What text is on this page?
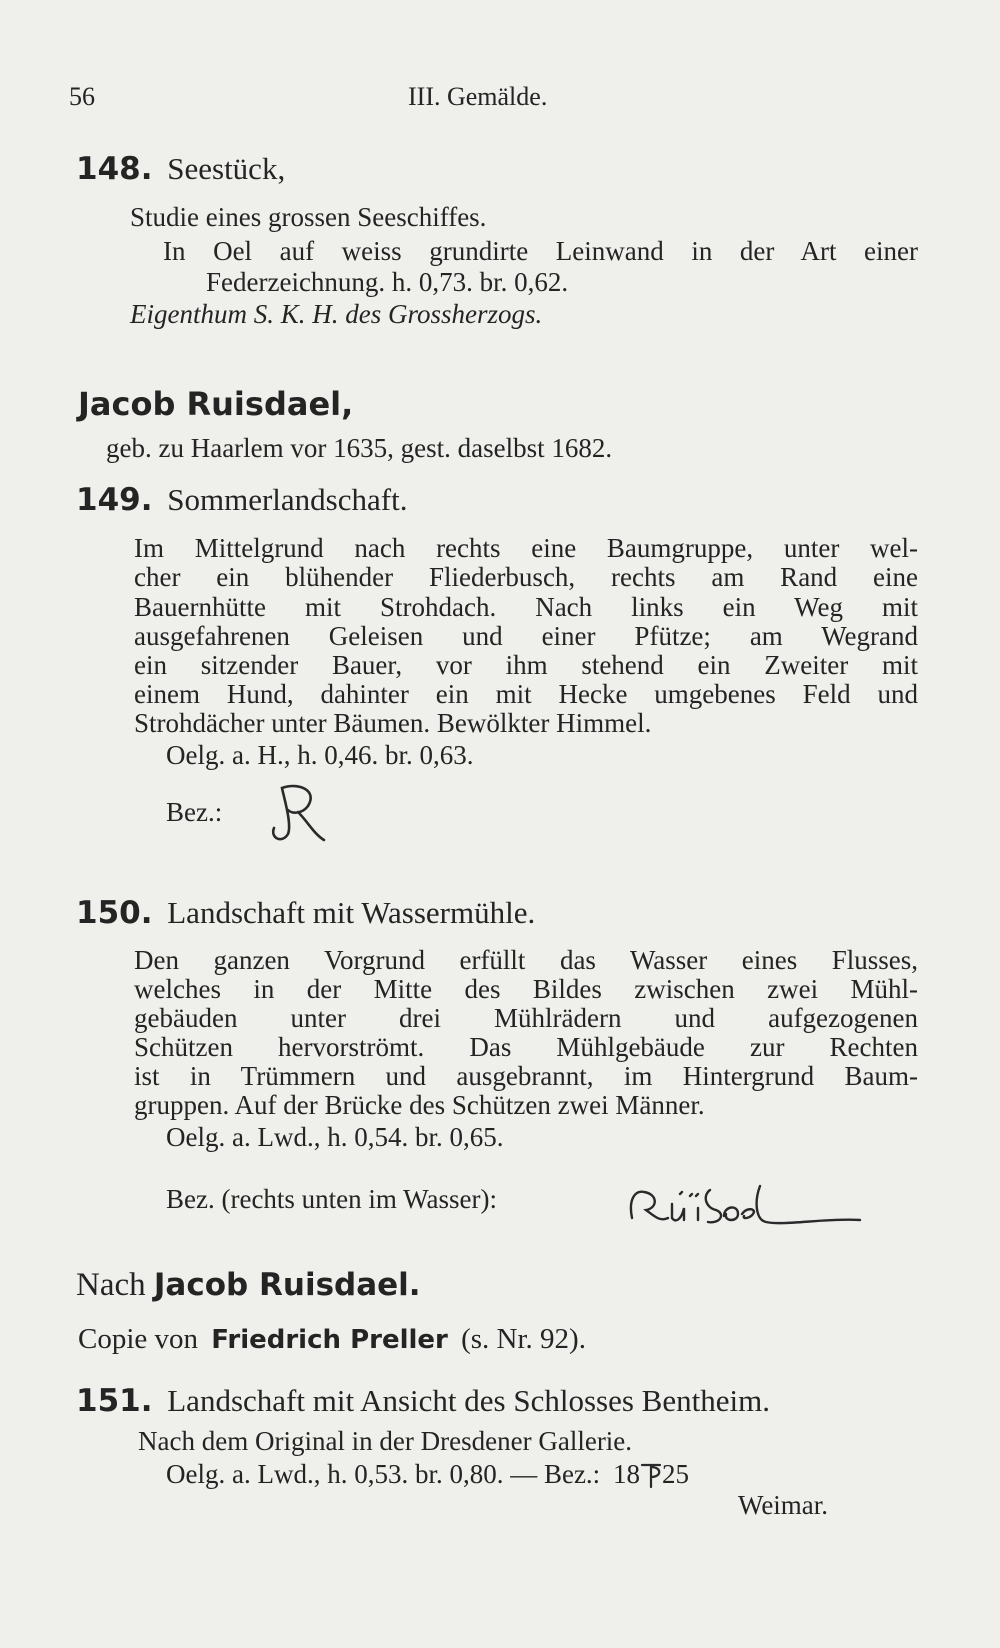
56	III. Gemälde.
148. Seestück,
Studie eines grossen Seeschiffes.
In Oel auf weiss grundirte Leinwand in der Art einer
Federzeichnung. h. 0,73. br. 0,62.
Eigenthum S. K. H. des Grossherzogs.
Jacob Ruisdael,
geb. zu Haarlem vor 1635, gest. daselbst 1682.
149. Sommerlandschaft.
Im Mittelgrund nach rechts eine Baumgruppe, unter wel-
cher ein blühender Fliederbusch, rechts am Rand eine
Bauernhütte mit Strohdach. Nach links ein Weg mit
ausgefahrenen Geleisen und einer Pfütze; am Wegrand
ein sitzender Bauer, vor ihm stehend ein Zweiter mit
einem Hund, dahinter ein mit Hecke umgebenes Feld und
Strohdächer unter Bäumen. Bewölkter Himmel.
Oelg. a. H., h. 0,46. br. 0,63.
Bez.:
150. Landschaft mit Wassermühle.
Den ganzen Vorgrund erfüllt das Wasser eines Flusses,
welches in der Mitte des Bildes zwischen zwei Mühl-
gebäuden unter drei Mühlrädern und aufgezogenen
Schützen hervorströmt. Das Mühlgebäude zur Rechten
ist in Trümmern und ausgebrannt, im Hintergrund Baum-
gruppen. Auf der Brücke des Schützen zwei Männer.
Oelg. a. Lwd., h. 0,54. br. 0,65.
Bez. (rechts unten im Wasser):
Nach Jacob Ruisdael.
Copie von Friedrich Preller (s. Nr. 92).
151. Landschaft mit Ansicht des Schlosses Bentheim.
Nach dem Original in der Dresdener Gallerie.
Oelg. a. Lwd., h. 0,53. br. 0,80. — Bez.: 18 25
Weimar.
